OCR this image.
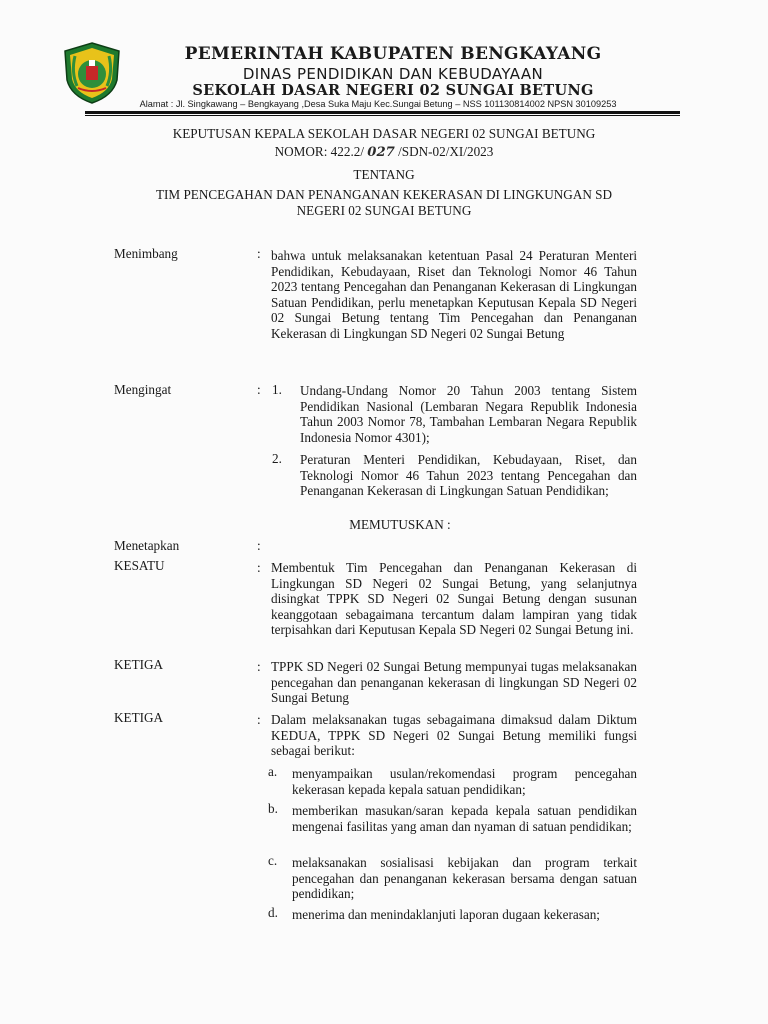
PEMERINTAH KABUPATEN BENGKAYANG
DINAS PENDIDIKAN DAN KEBUDAYAAN
SEKOLAH DASAR NEGERI 02 SUNGAI BETUNG
Alamat : Jl. Singkawang – Bengkayang ,Desa Suka Maju Kec.Sungai Betung – NSS 101130814002 NPSN 30109253
KEPUTUSAN KEPALA SEKOLAH DASAR NEGERI 02 SUNGAI BETUNG
NOMOR: 422.2/ 027 /SDN-02/XI/2023
TENTANG
TIM PENCEGAHAN DAN PENANGANAN KEKERASAN DI LINGKUNGAN SD
NEGERI 02 SUNGAI BETUNG
Menimbang	: bahwa untuk melaksanakan ketentuan Pasal 24 Peraturan Menteri Pendidikan, Kebudayaan, Riset dan Teknologi Nomor 46 Tahun 2023 tentang Pencegahan dan Penanganan Kekerasan di Lingkungan Satuan Pendidikan, perlu menetapkan Keputusan Kepala SD Negeri 02 Sungai Betung tentang Tim Pencegahan dan Penanganan Kekerasan di Lingkungan SD Negeri 02 Sungai Betung
Mengingat	: 1. Undang-Undang Nomor 20 Tahun 2003 tentang Sistem Pendidikan Nasional (Lembaran Negara Republik Indonesia Tahun 2003 Nomor 78, Tambahan Lembaran Negara Republik Indonesia Nomor 4301);
2. Peraturan Menteri Pendidikan, Kebudayaan, Riset, dan Teknologi Nomor 46 Tahun 2023 tentang Pencegahan dan Penanganan Kekerasan di Lingkungan Satuan Pendidikan;
MEMUTUSKAN :
Menetapkan	:
KESATU	: Membentuk Tim Pencegahan dan Penanganan Kekerasan di Lingkungan SD Negeri 02 Sungai Betung, yang selanjutnya disingkat TPPK SD Negeri 02 Sungai Betung dengan susunan keanggotaan sebagaimana tercantum dalam lampiran yang tidak terpisahkan dari Keputusan Kepala SD Negeri 02 Sungai Betung ini.
KETIGA	: TPPK SD Negeri 02 Sungai Betung mempunyai tugas melaksanakan pencegahan dan penanganan kekerasan di lingkungan SD Negeri 02 Sungai Betung
KETIGA	: Dalam melaksanakan tugas sebagaimana dimaksud dalam Diktum KEDUA, TPPK SD Negeri 02 Sungai Betung memiliki fungsi sebagai berikut:
a. menyampaikan usulan/rekomendasi program pencegahan kekerasan kepada kepala satuan pendidikan;
b. memberikan masukan/saran kepada kepala satuan pendidikan mengenai fasilitas yang aman dan nyaman di satuan pendidikan;
c. melaksanakan sosialisasi kebijakan dan program terkait pencegahan dan penanganan kekerasan bersama dengan satuan pendidikan;
d. menerima dan menindaklanjuti laporan dugaan kekerasan;
